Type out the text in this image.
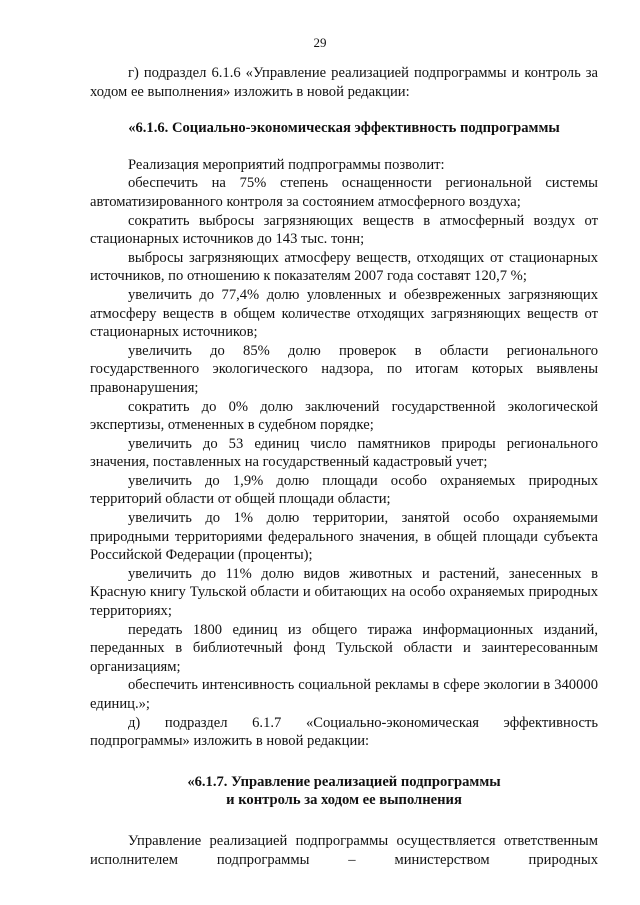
29

г) подраздел 6.1.6 «Управление реализацией подпрограммы и контроль за ходом ее выполнения» изложить в новой редакции:

«6.1.6. Социально-экономическая эффективность подпрограммы

Реализация мероприятий подпрограммы позволит:

обеспечить на 75% степень оснащенности региональной системы автоматизированного контроля за состоянием атмосферного воздуха;

сократить выбросы загрязняющих веществ в атмосферный воздух от стационарных источников до 143 тыс. тонн;

выбросы загрязняющих атмосферу веществ, отходящих от стационарных источников, по отношению к показателям 2007 года составят 120,7 %;

увеличить до 77,4% долю уловленных и обезвреженных загрязняющих атмосферу веществ в общем количестве отходящих загрязняющих веществ от стационарных источников;

увеличить до 85% долю проверок в области регионального государственного экологического надзора, по итогам которых выявлены правонарушения;

сократить до 0% долю заключений государственной экологической экспертизы, отмененных в судебном порядке;

увеличить до 53 единиц число памятников природы регионального значения, поставленных на государственный кадастровый учет;

увеличить до 1,9% долю площади особо охраняемых природных территорий области от общей площади области;

увеличить до 1% долю территории, занятой особо охраняемыми природными территориями федерального значения, в общей площади субъекта Российской Федерации (проценты);

увеличить до 11% долю видов животных и растений, занесенных в Красную книгу Тульской области и обитающих на особо охраняемых природных территориях;

передать 1800 единиц из общего тиража информационных изданий, переданных в библиотечный фонд Тульской области и заинтересованным организациям;

обеспечить интенсивность социальной рекламы в сфере экологии в 340000 единиц.»;

д) подраздел 6.1.7 «Социально-экономическая эффективность подпрограммы» изложить в новой редакции:

«6.1.7. Управление реализацией подпрограммы

и контроль за ходом ее выполнения

Управление реализацией подпрограммы осуществляется ответственным исполнителем подпрограммы – министерством природных
